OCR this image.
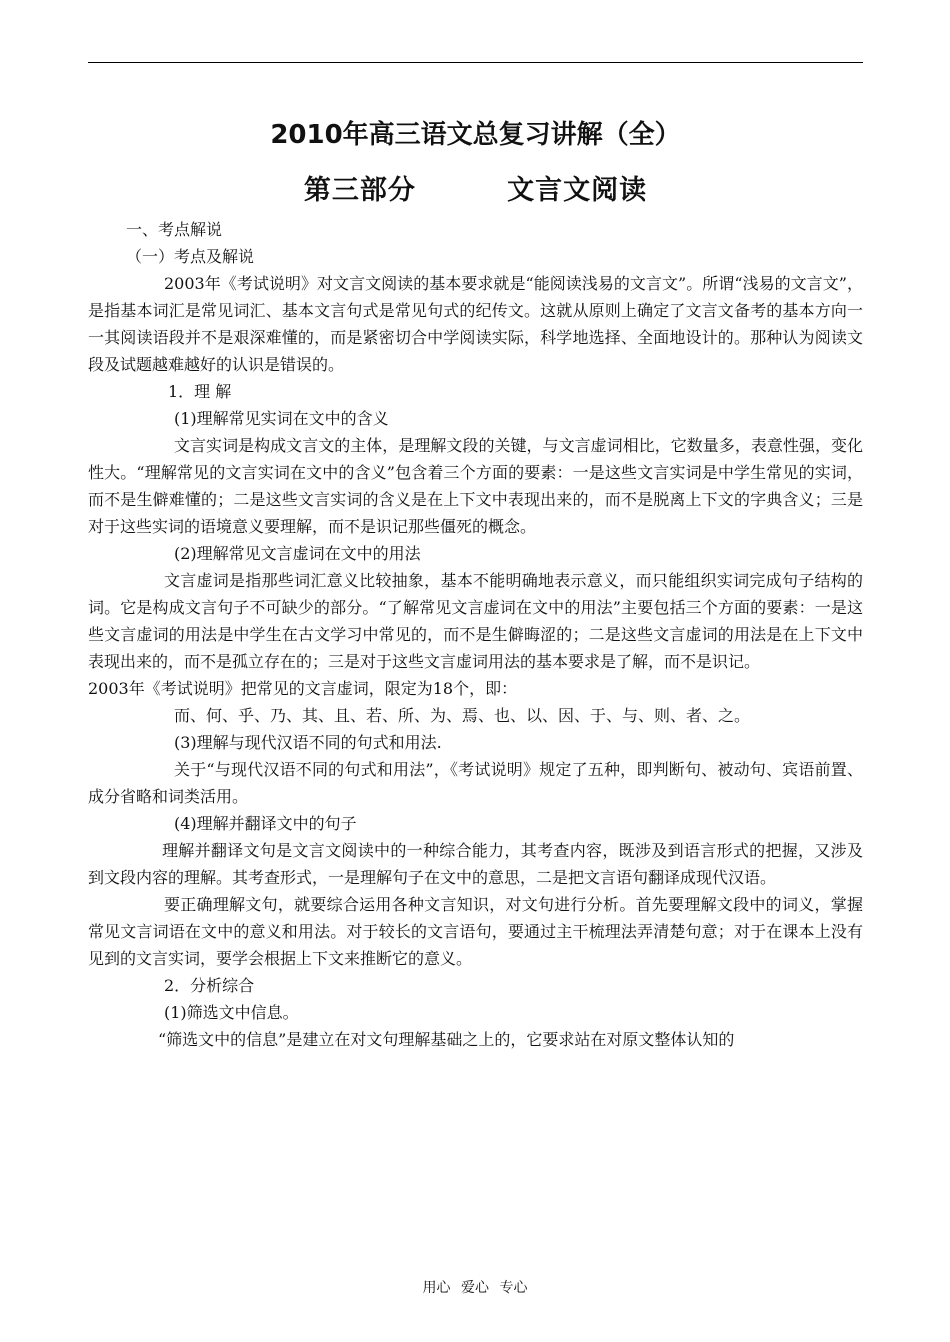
2010年高三语文总复习讲解（全）
第三部分   文言文阅读

一、考点解说

（一）考点及解说

2003年《考试说明》对文言文阅读的基本要求就是“能阅读浅易的文言文”。所谓“浅易的文言文”，是指基本词汇是常见词汇、基本文言句式是常见句式的纪传文。这就从原则上确定了文言文备考的基本方向一一其阅读语段并不是艰深难懂的，而是紧密切合中学阅读实际，科学地选择、全面地设计的。那种认为阅读文段及试题越难越好的认识是错误的。

1．理 解

(1)理解常见实词在文中的含义

文言实词是构成文言文的主体，是理解文段的关键，与文言虚词相比，它数量多，表意性强，变化性大。“理解常见的文言实词在文中的含义”包含着三个方面的要素：一是这些文言实词是中学生常见的实词，而不是生僻难懂的；二是这些文言实词的含义是在上下文中表现出来的，而不是脱离上下文的字典含义；三是对于这些实词的语境意义要理解，而不是识记那些僵死的概念。

(2)理解常见文言虚词在文中的用法

文言虚词是指那些词汇意义比较抽象，基本不能明确地表示意义，而只能组织实词完成句子结构的词。它是构成文言句子不可缺少的部分。“了解常见文言虚词在文中的用法”主要包括三个方面的要素：一是这些文言虚词的用法是中学生在古文学习中常见的，而不是生僻晦涩的；二是这些文言虚词的用法是在上下文中表现出来的，而不是孤立存在的；三是对于这些文言虚词用法的基本要求是了解，而不是识记。

2003年《考试说明》把常见的文言虚词，限定为18个，即：

而、何、乎、乃、其、且、若、所、为、焉、也、以、因、于、与、则、者、之。

(3)理解与现代汉语不同的句式和用法.

关于“与现代汉语不同的句式和用法”，《考试说明》规定了五种，即判断句、被动句、宾语前置、成分省略和词类活用。

(4)理解并翻译文中的句子

理解并翻译文句是文言文阅读中的一种综合能力，其考查内容，既涉及到语言形式的把握，又涉及到文段内容的理解。其考查形式，一是理解句子在文中的意思，二是把文言语句翻译成现代汉语。

要正确理解文句，就要综合运用各种文言知识，对文句进行分析。首先要理解文段中的词义，掌握常见文言词语在文中的意义和用法。对于较长的文言语句，要通过主干梳理法弄清楚句意；对于在课本上没有见到的文言实词，要学会根据上下文来推断它的意义。

2．分析综合

(1)筛选文中信息。

“筛选文中的信息”是建立在对文句理解基础之上的，它要求站在对原文整体认知的

用心 爱心 专心
